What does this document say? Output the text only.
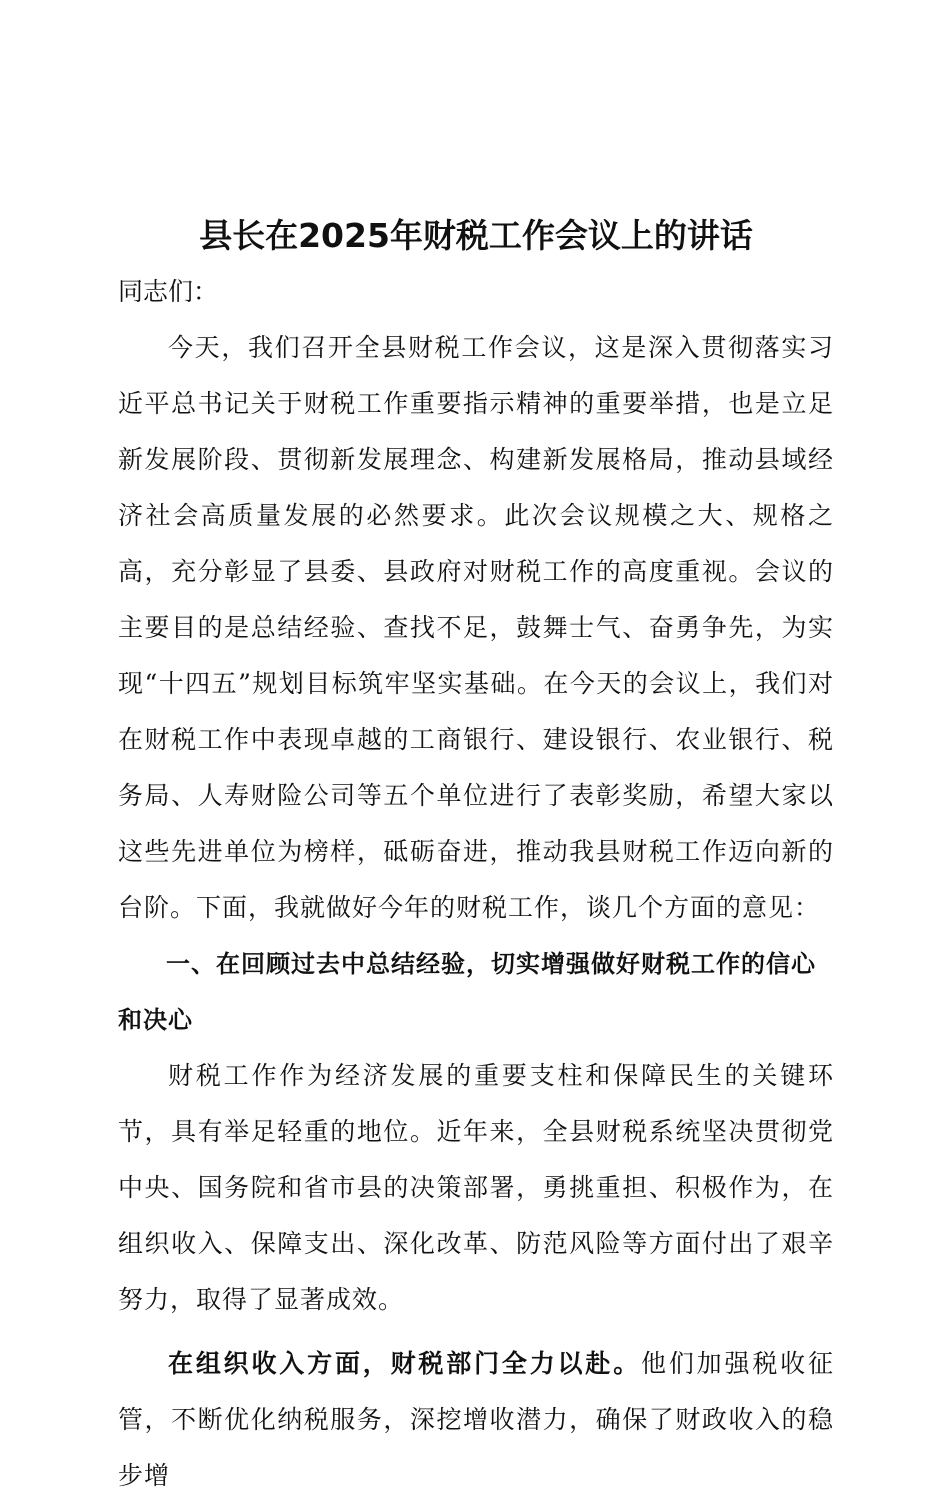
县长在2025年财税工作会议上的讲话

同志们：

今天，我们召开全县财税工作会议，这是深入贯彻落实习近平总书记关于财税工作重要指示精神的重要举措，也是立足新发展阶段、贯彻新发展理念、构建新发展格局，推动县域经济社会高质量发展的必然要求。此次会议规模之大、规格之高，充分彰显了县委、县政府对财税工作的高度重视。会议的主要目的是总结经验、查找不足，鼓舞士气、奋勇争先，为实现“十四五”规划目标筑牢坚实基础。在今天的会议上，我们对在财税工作中表现卓越的工商银行、建设银行、农业银行、税务局、人寿财险公司等五个单位进行了表彰奖励，希望大家以这些先进单位为榜样，砥砺奋进，推动我县财税工作迈向新的台阶。下面，我就做好今年的财税工作，谈几个方面的意见：

一、在回顾过去中总结经验，切实增强做好财税工作的信心和决心

财税工作作为经济发展的重要支柱和保障民生的关键环节，具有举足轻重的地位。近年来，全县财税系统坚决贯彻党中央、国务院和省市县的决策部署，勇挑重担、积极作为，在组织收入、保障支出、深化改革、防范风险等方面付出了艰辛努力，取得了显著成效。

在组织收入方面，财税部门全力以赴。他们加强税收征管，不断优化纳税服务，深挖增收潜力，确保了财政收入的稳步增
